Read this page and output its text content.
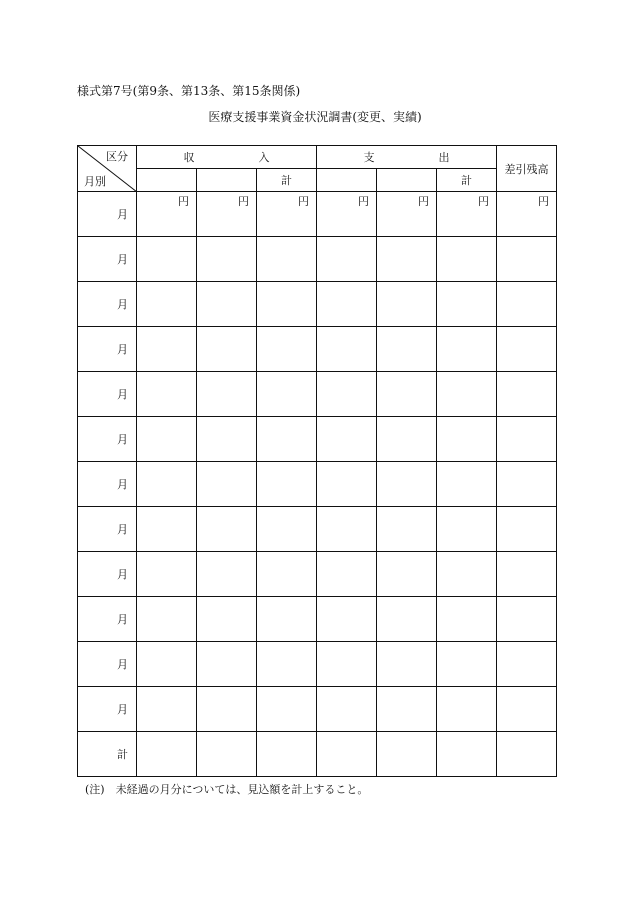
様式第7号(第9条、第13条、第15条関係)
医療支援事業資金状況調書(変更、実績)
区分
月別	収 入			支 出			差引残高
			計			計	
月	円	円	円	円	円	円	円
月							
月							
月							
月							
月							
月							
月							
月							
月							
月							
月							
計							
(注)　未経過の月分については、見込額を計上すること。
